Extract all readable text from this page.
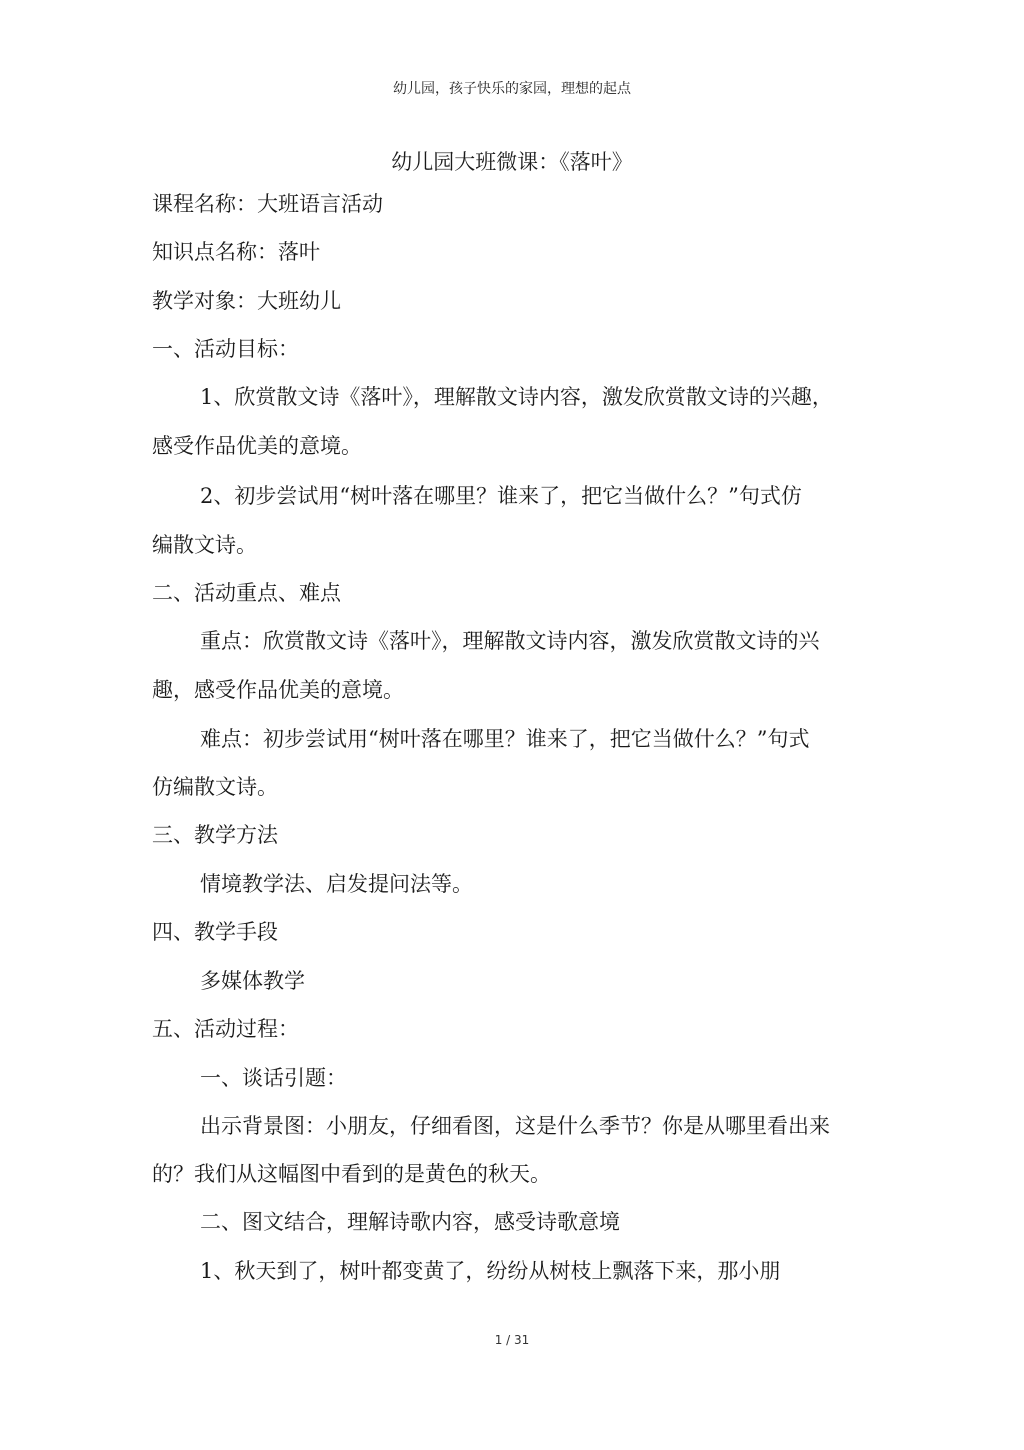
幼儿园，孩子快乐的家园，理想的起点
幼儿园大班微课：《落叶》
课程名称：大班语言活动
知识点名称：落叶
教学对象：大班幼儿
一、活动目标：
1、欣赏散文诗《落叶》，理解散文诗内容，激发欣赏散文诗的兴趣，
感受作品优美的意境。
2、初步尝试用“树叶落在哪里？谁来了，把它当做什么？”句式仿
编散文诗。
二、活动重点、难点
重点：欣赏散文诗《落叶》，理解散文诗内容，激发欣赏散文诗的兴
趣，感受作品优美的意境。
难点：初步尝试用“树叶落在哪里？谁来了，把它当做什么？”句式
仿编散文诗。
三、教学方法
情境教学法、启发提问法等。
四、教学手段
多媒体教学
五、活动过程：
一、谈话引题：
出示背景图：小朋友，仔细看图，这是什么季节？你是从哪里看出来
的？我们从这幅图中看到的是黄色的秋天。
二、图文结合，理解诗歌内容，感受诗歌意境
1、秋天到了，树叶都变黄了，纷纷从树枝上飘落下来，那小朋
1 / 31
